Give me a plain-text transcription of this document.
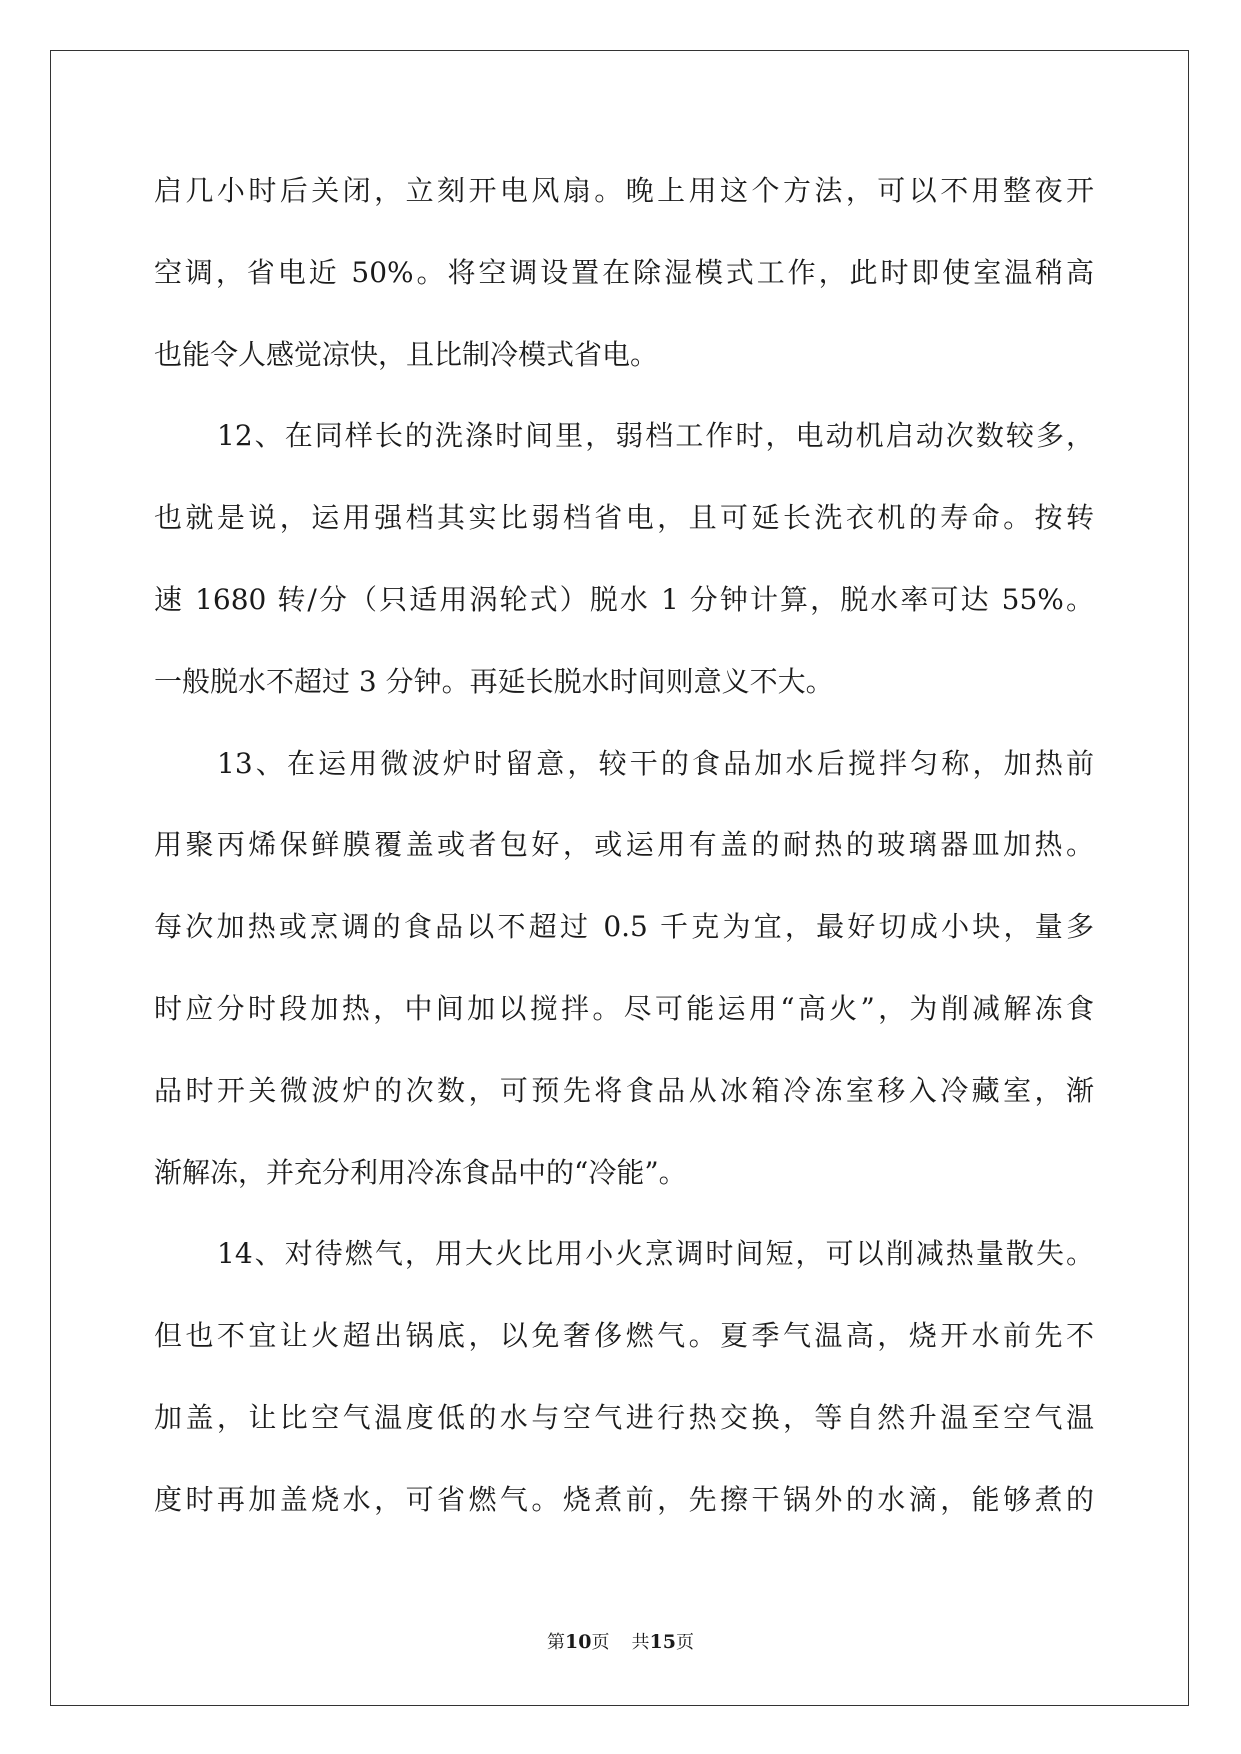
启几小时后关闭，立刻开电风扇。晚上用这个方法，可以不用整夜开
空调，省电近 50%。将空调设置在除湿模式工作，此时即使室温稍高
也能令人感觉凉快，且比制冷模式省电。
12、在同样长的洗涤时间里，弱档工作时，电动机启动次数较多，
也就是说，运用强档其实比弱档省电，且可延长洗衣机的寿命。按转
速 1680 转/分（只适用涡轮式）脱水 1 分钟计算，脱水率可达 55%。
一般脱水不超过 3 分钟。再延长脱水时间则意义不大。
13、在运用微波炉时留意，较干的食品加水后搅拌匀称，加热前
用聚丙烯保鲜膜覆盖或者包好，或运用有盖的耐热的玻璃器皿加热。
每次加热或烹调的食品以不超过 0.5 千克为宜，最好切成小块，量多
时应分时段加热，中间加以搅拌。尽可能运用“高火”，为削减解冻食
品时开关微波炉的次数，可预先将食品从冰箱冷冻室移入冷藏室，渐
渐解冻，并充分利用冷冻食品中的“冷能”。
14、对待燃气，用大火比用小火烹调时间短，可以削减热量散失。
但也不宜让火超出锅底，以免奢侈燃气。夏季气温高，烧开水前先不
加盖，让比空气温度低的水与空气进行热交换，等自然升温至空气温
度时再加盖烧水，可省燃气。烧煮前，先擦干锅外的水滴，能够煮的
第10页 共15页
